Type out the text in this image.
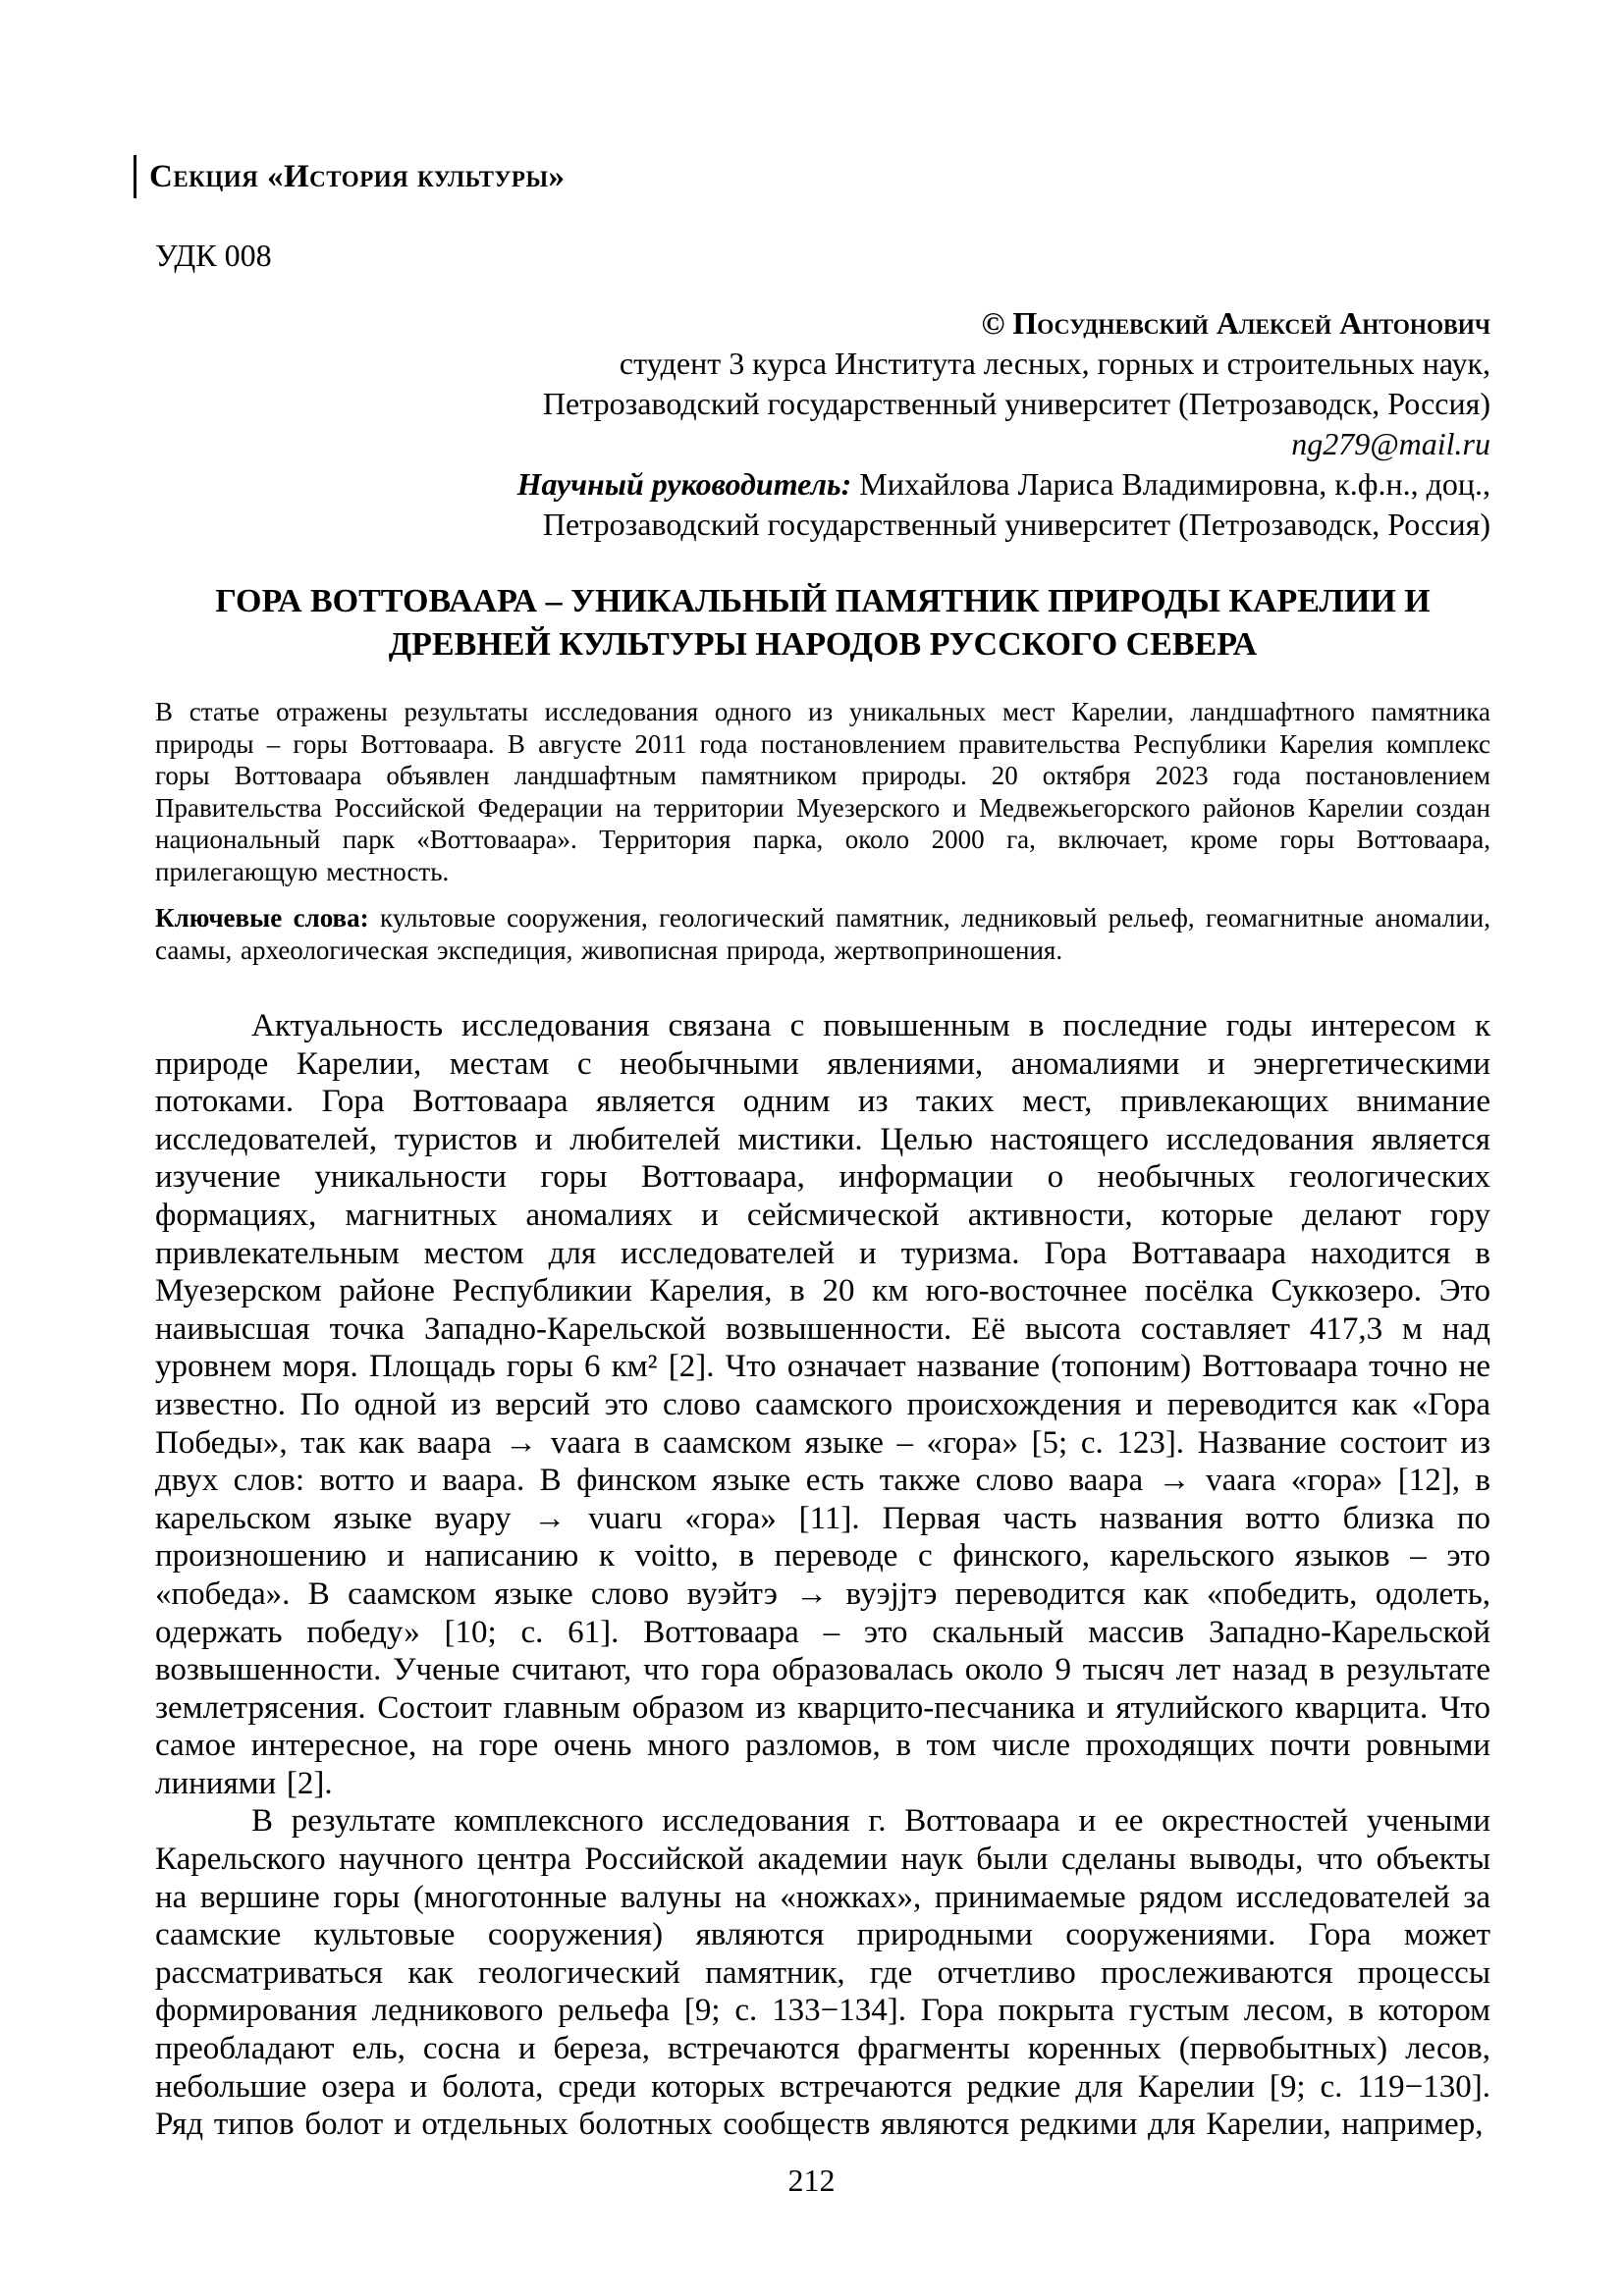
Секция «История культуры»
УДК 008
© Посудневский Алексей Антонович
студент 3 курса Института лесных, горных и строительных наук,
Петрозаводский государственный университет (Петрозаводск, Россия)
ng279@mail.ru
Научный руководитель: Михайлова Лариса Владимировна, к.ф.н., доц.,
Петрозаводский государственный университет (Петрозаводск, Россия)
ГОРА ВОТТОВААРА – УНИКАЛЬНЫЙ ПАМЯТНИК ПРИРОДЫ КАРЕЛИИ И
ДРЕВНЕЙ КУЛЬТУРЫ НАРОДОВ РУССКОГО СЕВЕРА

В статье отражены результаты исследования одного из уникальных мест Карелии, ландшафтного памятника природы – горы Воттоваара. В августе 2011 года постановлением правительства Республики Карелия комплекс горы Воттоваара объявлен ландшафтным памятником природы. 20 октября 2023 года постановлением Правительства Российской Федерации на территории Муезерского и Медвежьегорского районов Карелии создан национальный парк «Воттоваара». Территория парка, около 2000 га, включает, кроме горы Воттоваара, прилегающую местность.

Ключевые слова: культовые сооружения, геологический памятник, ледниковый рельеф, геомагнитные аномалии, саамы, археологическая экспедиция, живописная природа, жертвоприношения.

Актуальность исследования связана с повышенным в последние годы интересом к природе Карелии, местам с необычными явлениями, аномалиями и энергетическими потоками. Гора Воттоваара является одним из таких мест, привлекающих внимание исследователей, туристов и любителей мистики. Целью настоящего исследования является изучение уникальности горы Воттоваара, информации о необычных геологических формациях, магнитных аномалиях и сейсмической активности, которые делают гору привлекательным местом для исследователей и туризма. Гора Воттаваара находится в Муезерском районе Республикии Карелия, в 20 км юго-восточнее посёлка Суккозеро. Это наивысшая точка Западно-Карельской возвышенности. Её высота составляет 417,3 м над уровнем моря. Площадь горы 6 км² [2]. Что означает название (топоним) Воттоваара точно не известно. По одной из версий это слово саамского происхождения и переводится как «Гора Победы», так как ваара → vaara в саамском языке – «гора» [5; с. 123]. Название состоит из двух слов: вотто и ваара. В финском языке есть также слово ваара → vaara «гора» [12], в карельском языке вуару → vuaru «гора» [11]. Первая часть названия вотто близка по произношению и написанию к voitto, в переводе с финского, карельского языков – это «победа». В саамском языке слово вуэйтэ → вуэjjтэ переводится как «победить, одолеть, одержать победу» [10; с. 61]. Воттоваара – это скальный массив Западно-Карельской возвышенности. Ученые считают, что гора образовалась около 9 тысяч лет назад в результате землетрясения. Состоит главным образом из кварцито-песчаника и ятулийского кварцита. Что самое интересное, на горе очень много разломов, в том числе проходящих почти ровными линиями [2].

В результате комплексного исследования г. Воттоваара и ее окрестностей учеными Карельского научного центра Российской академии наук были сделаны выводы, что объекты на вершине горы (многотонные валуны на «ножках», принимаемые рядом исследователей за саамские культовые сооружения) являются природными сооружениями. Гора может рассматриваться как геологический памятник, где отчетливо прослеживаются процессы формирования ледникового рельефа [9; с. 133−134]. Гора покрыта густым лесом, в котором преобладают ель, сосна и береза, встречаются фрагменты коренных (первобытных) лесов, небольшие озера и болота, среди которых встречаются редкие для Карелии [9; с. 119−130]. Ряд типов болот и отдельных болотных сообществ являются редкими для Карелии, например,

212
